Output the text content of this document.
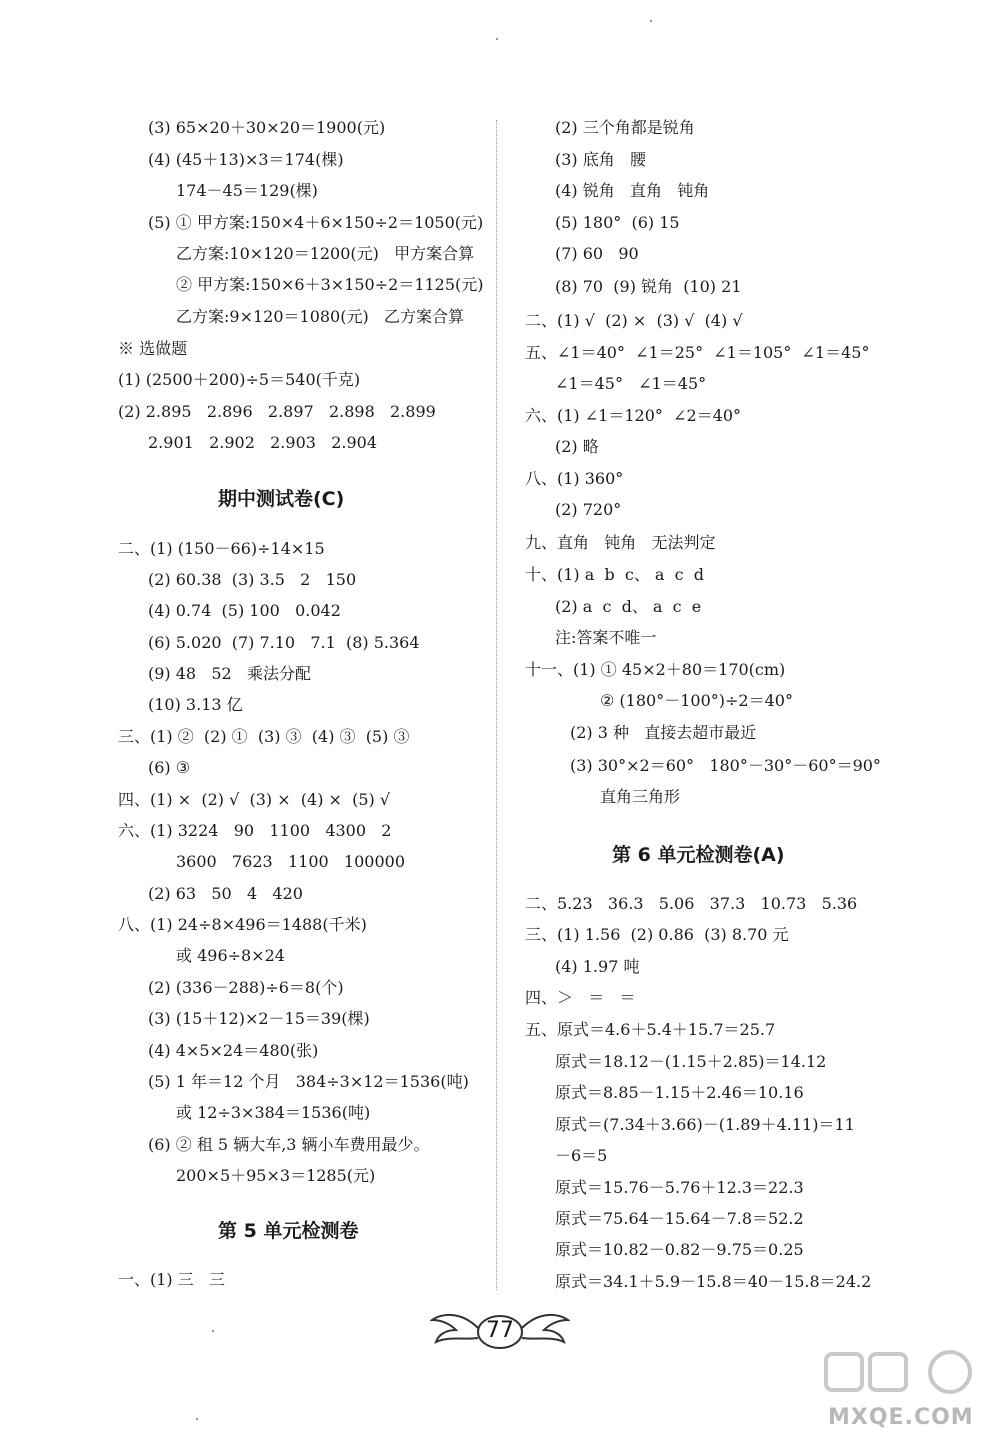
(3) 65×20＋30×20＝1900(元)
(4) (45＋13)×3＝174(棵)
174－45＝129(棵)
(5) ① 甲方案:150×4＋6×150÷2＝1050(元)
乙方案:10×120＝1200(元)   甲方案合算
② 甲方案:150×6＋3×150÷2＝1125(元)
乙方案:9×120＝1080(元)   乙方案合算
※ 选做题
(1) (2500＋200)÷5＝540(千克)
(2) 2.895   2.896   2.897   2.898   2.899
2.901   2.902   2.903   2.904
二、(1) (150－66)÷14×15
(2) 60.38  (3) 3.5   2   150
(4) 0.74  (5) 100   0.042
(6) 5.020  (7) 7.10   7.1  (8) 5.364
(9) 48   52   乘法分配
(10) 3.13 亿
三、(1) ②  (2) ①  (3) ③  (4) ③  (5) ③
(6) ③
四、(1) ×  (2) √  (3) ×  (4) ×  (5) √
六、(1) 3224   90   1100   4300   2
3600   7623   1100   100000
(2) 63   50   4   420
八、(1) 24÷8×496＝1488(千米)
或 496÷8×24
(2) (336－288)÷6＝8(个)
(3) (15＋12)×2－15＝39(棵)
(4) 4×5×24＝480(张)
(5) 1 年＝12 个月   384÷3×12＝1536(吨)
或 12÷3×384＝1536(吨)
(6) ② 租 5 辆大车,3 辆小车费用最少。
200×5＋95×3＝1285(元)
一、(1) 三   三
(2) 三个角都是锐角
(3) 底角   腰
(4) 锐角   直角   钝角
(5) 180°  (6) 15
(7) 60   90
(8) 70  (9) 锐角  (10) 21
二、(1) √  (2) ×  (3) √  (4) √
五、∠1＝40°  ∠1＝25°  ∠1＝105°  ∠1＝45°
∠1＝45°   ∠1＝45°
六、(1) ∠1＝120°  ∠2＝40°
(2) 略
八、(1) 360°
(2) 720°
九、直角   钝角   无法判定
十、(1) a  b  c、 a  c  d
(2) a  c  d、 a  c  e
注:答案不唯一
十一、(1) ① 45×2＋80＝170(cm)
② (180°－100°)÷2＝40°
(2) 3 种   直接去超市最近
(3) 30°×2＝60°   180°－30°－60°＝90°
直角三角形
二、5.23   36.3   5.06   37.3   10.73   5.36
三、(1) 1.56  (2) 0.86  (3) 8.70 元
(4) 1.97 吨
四、＞   ＝   ＝
五、原式＝4.6＋5.4＋15.7＝25.7
原式＝18.12－(1.15＋2.85)＝14.12
原式＝8.85－1.15＋2.46＝10.16
原式＝(7.34＋3.66)－(1.89＋4.11)＝11
－6＝5
原式＝15.76－5.76＋12.3＝22.3
原式＝75.64－15.64－7.8＝52.2
原式＝10.82－0.82－9.75＝0.25
原式＝34.1＋5.9－15.8＝40－15.8＝24.2
期中测试卷(C)
第 5 单元检测卷
第 6 单元检测卷(A)
77
MXQE.COM
